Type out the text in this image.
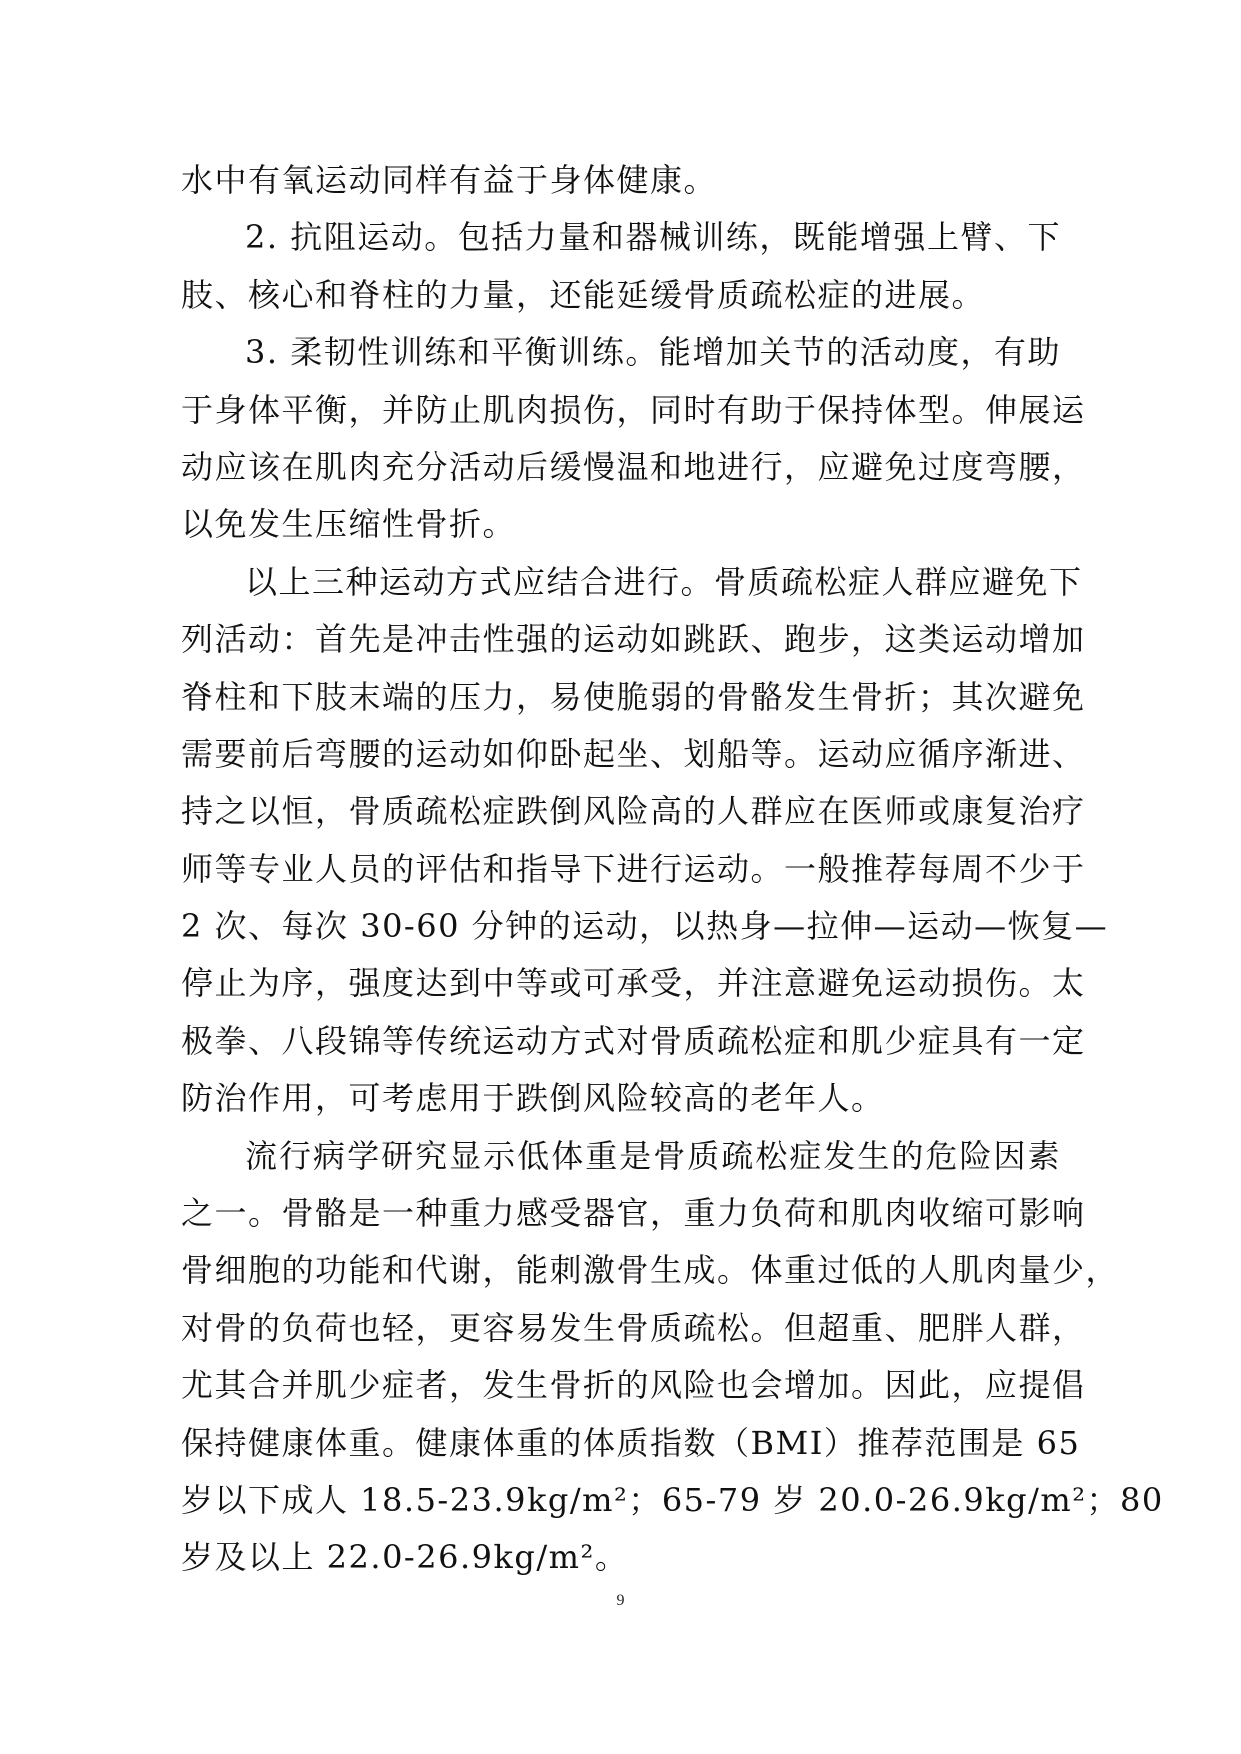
水中有氧运动同样有益于身体健康。
2. 抗阻运动。包括力量和器械训练，既能增强上臂、下
肢、核心和脊柱的力量，还能延缓骨质疏松症的进展。
3. 柔韧性训练和平衡训练。能增加关节的活动度，有助
于身体平衡，并防止肌肉损伤，同时有助于保持体型。伸展运
动应该在肌肉充分活动后缓慢温和地进行，应避免过度弯腰，
以免发生压缩性骨折。
以上三种运动方式应结合进行。骨质疏松症人群应避免下
列活动：首先是冲击性强的运动如跳跃、跑步，这类运动增加
脊柱和下肢末端的压力，易使脆弱的骨骼发生骨折；其次避免
需要前后弯腰的运动如仰卧起坐、划船等。运动应循序渐进、
持之以恒，骨质疏松症跌倒风险高的人群应在医师或康复治疗
师等专业人员的评估和指导下进行运动。一般推荐每周不少于
2 次、每次 30-60 分钟的运动，以热身—拉伸—运动—恢复—
停止为序，强度达到中等或可承受，并注意避免运动损伤。太
极拳、八段锦等传统运动方式对骨质疏松症和肌少症具有一定
防治作用，可考虑用于跌倒风险较高的老年人。
流行病学研究显示低体重是骨质疏松症发生的危险因素
之一。骨骼是一种重力感受器官，重力负荷和肌肉收缩可影响
骨细胞的功能和代谢，能刺激骨生成。体重过低的人肌肉量少，
对骨的负荷也轻，更容易发生骨质疏松。但超重、肥胖人群，
尤其合并肌少症者，发生骨折的风险也会增加。因此，应提倡
保持健康体重。健康体重的体质指数（BMI）推荐范围是 65
岁以下成人 18.5-23.9kg/m²；65-79 岁 20.0-26.9kg/m²；80
岁及以上 22.0-26.9kg/m²。
9
